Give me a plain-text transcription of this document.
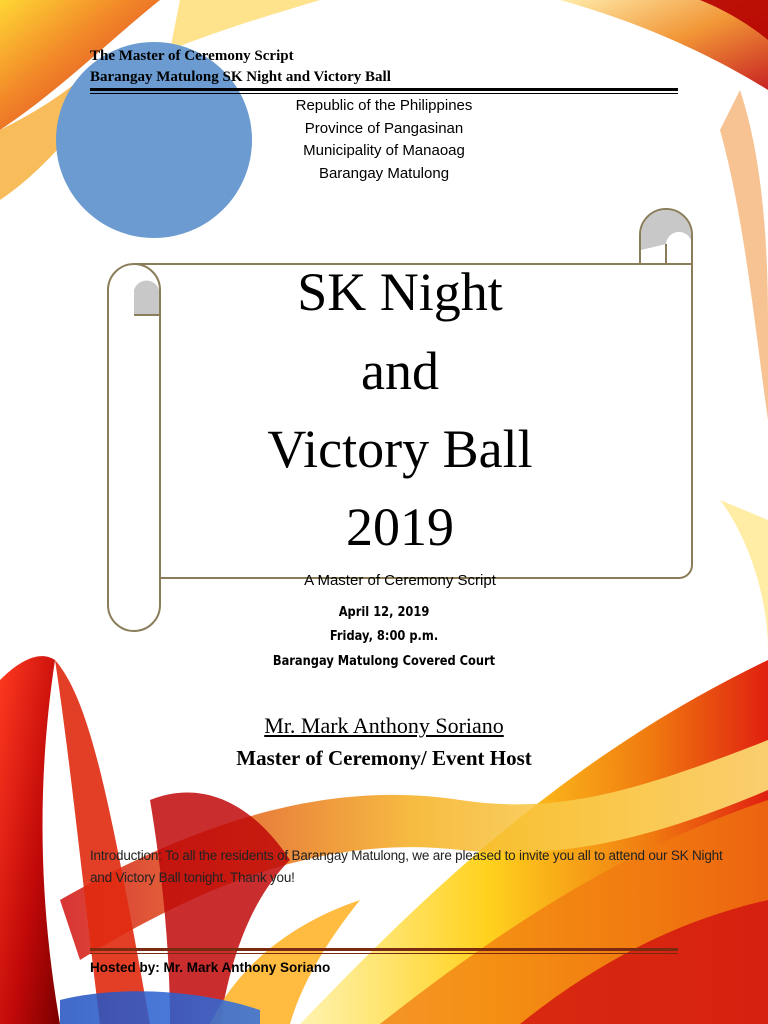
The Master of Ceremony Script
Barangay Matulong SK Night and Victory Ball
Republic of the Philippines
Province of Pangasinan
Municipality of Manaoag
Barangay Matulong
SK Night
and
Victory Ball
2019
A Master of Ceremony Script
April 12, 2019
Friday, 8:00 p.m.
Barangay Matulong Covered Court
Mr. Mark Anthony Soriano
Master of Ceremony/ Event Host
Introduction: To all the residents of Barangay Matulong, we are pleased to invite you all to attend our SK Night and Victory Ball tonight. Thank you!
Hosted by: Mr. Mark Anthony Soriano
